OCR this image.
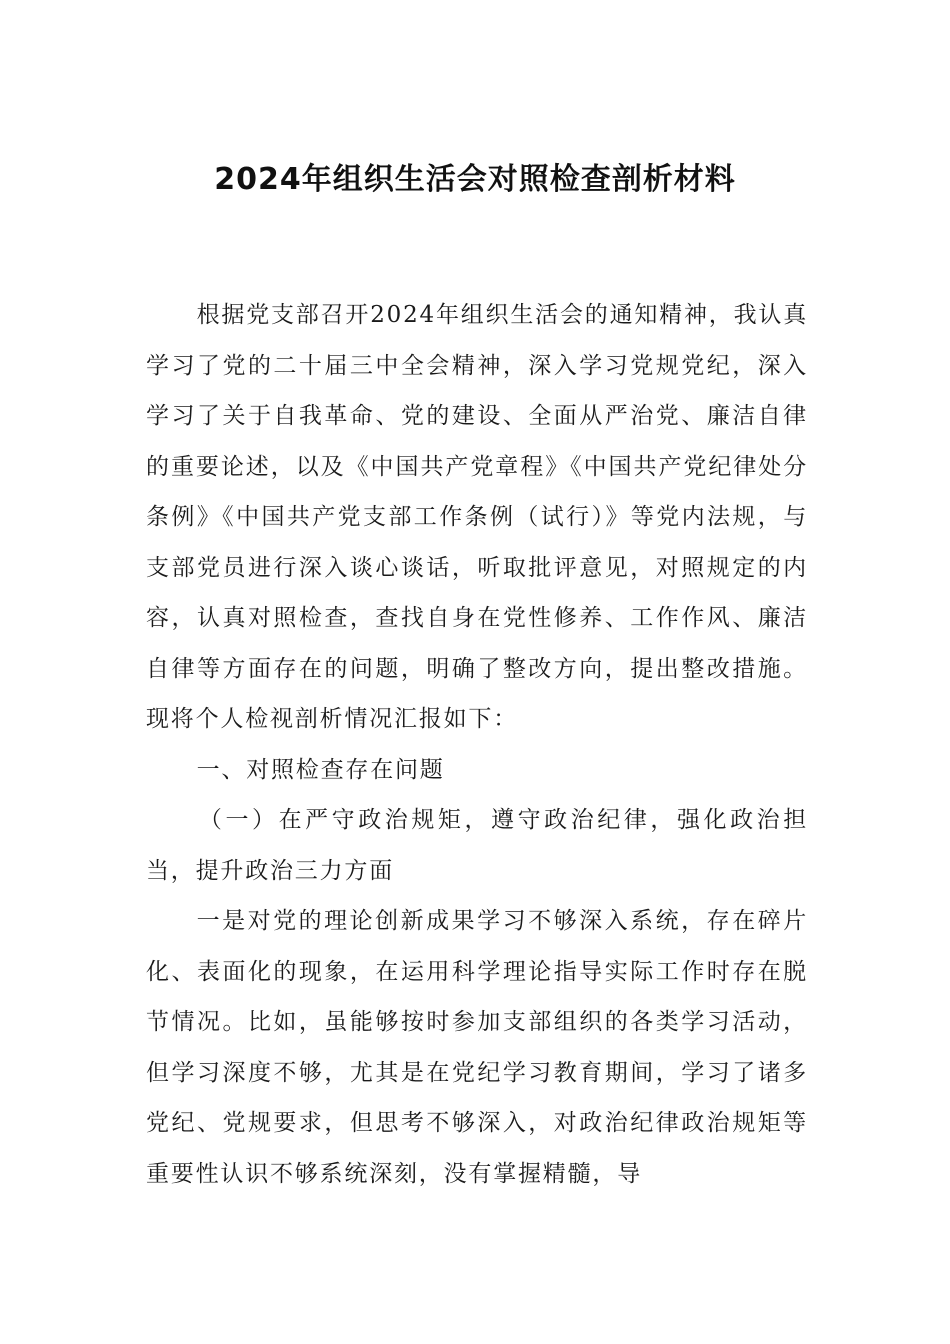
2024年组织生活会对照检查剖析材料

根据党支部召开2024年组织生活会的通知精神，我认真学习了党的二十届三中全会精神，深入学习党规党纪，深入学习了关于自我革命、党的建设、全面从严治党、廉洁自律的重要论述，以及《中国共产党章程》《中国共产党纪律处分条例》《中国共产党支部工作条例（试行）》等党内法规，与支部党员进行深入谈心谈话，听取批评意见，对照规定的内容，认真对照检查，查找自身在党性修养、工作作风、廉洁自律等方面存在的问题，明确了整改方向，提出整改措施。现将个人检视剖析情况汇报如下：

一、对照检查存在问题

（一）在严守政治规矩，遵守政治纪律，强化政治担当，提升政治三力方面

一是对党的理论创新成果学习不够深入系统，存在碎片化、表面化的现象，在运用科学理论指导实际工作时存在脱节情况。比如，虽能够按时参加支部组织的各类学习活动，但学习深度不够，尤其是在党纪学习教育期间，学习了诸多党纪、党规要求，但思考不够深入，对政治纪律政治规矩等重要性认识不够系统深刻，没有掌握精髓，导
